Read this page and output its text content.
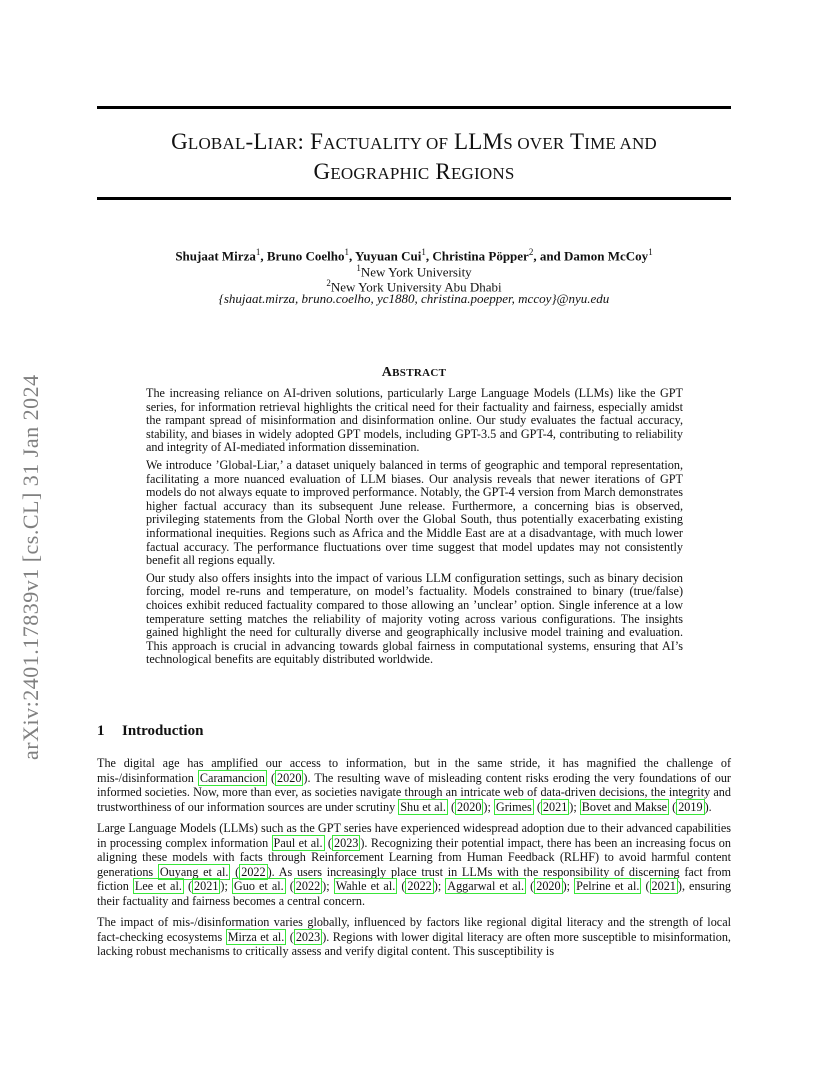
arXiv:2401.17839v1 [cs.CL] 31 Jan 2024
GLOBAL-LIAR: FACTUALITY OF LLMS OVER TIME AND
GEOGRAPHIC REGIONS
Shujaat Mirza$^1$, Bruno Coelho$^1$, Yuyuan Cui$^1$, Christina Pöpper$^2$, and Damon McCoy$^1$
$^1$New York University
$^2$New York University Abu Dhabi
{shujaat.mirza, bruno.coelho, yc1880, christina.poepper, mccoy}@nyu.edu
ABSTRACT

The increasing reliance on AI-driven solutions, particularly Large Language Models (LLMs) like the GPT series, for information retrieval highlights the critical need for their factuality and fairness, especially amidst the rampant spread of misinformation and disinformation online. Our study evaluates the factual accuracy, stability, and biases in widely adopted GPT models, including GPT-3.5 and GPT-4, contributing to reliability and integrity of AI-mediated information dissemination.

We introduce ’Global-Liar,’ a dataset uniquely balanced in terms of geographic and temporal representation, facilitating a more nuanced evaluation of LLM biases. Our analysis reveals that newer iterations of GPT models do not always equate to improved performance. Notably, the GPT-4 version from March demonstrates higher factual accuracy than its subsequent June release. Furthermore, a concerning bias is observed, privileging statements from the Global North over the Global South, thus potentially exacerbating existing informational inequities. Regions such as Africa and the Middle East are at a disadvantage, with much lower factual accuracy. The performance fluctuations over time suggest that model updates may not consistently benefit all regions equally.

Our study also offers insights into the impact of various LLM configuration settings, such as binary decision forcing, model re-runs and temperature, on model’s factuality. Models constrained to binary (true/false) choices exhibit reduced factuality compared to those allowing an ’unclear’ option. Single inference at a low temperature setting matches the reliability of majority voting across various configurations. The insights gained highlight the need for culturally diverse and geographically inclusive model training and evaluation. This approach is crucial in advancing towards global fairness in computational systems, ensuring that AI’s technological benefits are equitably distributed worldwide.

1 Introduction

The digital age has amplified our access to information, but in the same stride, it has magnified the challenge of mis-/disinformation Caramancion ( 2020 ). The resulting wave of misleading content risks eroding the very foundations of our informed societies. Now, more than ever, as societies navigate through an intricate web of data-driven decisions, the integrity and trustworthiness of our information sources are under scrutiny Shu et al. ( 2020 ); Grimes ( 2021 ); Bovet and Makse ( 2019 ).

Large Language Models (LLMs) such as the GPT series have experienced widespread adoption due to their advanced capabilities in processing complex information Paul et al. ( 2023 ). Recognizing their potential impact, there has been an increasing focus on aligning these models with facts through Reinforcement Learning from Human Feedback (RLHF) to avoid harmful content generations Ouyang et al. ( 2022 ). As users increasingly place trust in LLMs with the responsibility of discerning fact from fiction Lee et al. ( 2021 ); Guo et al. ( 2022 ); Wahle et al. ( 2022 ); Aggarwal et al. ( 2020 ); Pelrine et al. ( 2021 ), ensuring their factuality and fairness becomes a central concern.

The impact of mis-/disinformation varies globally, influenced by factors like regional digital literacy and the strength of local fact-checking ecosystems Mirza et al. ( 2023 ). Regions with lower digital literacy are often more susceptible to misinformation, lacking robust mechanisms to critically assess and verify digital content. This susceptibility is
